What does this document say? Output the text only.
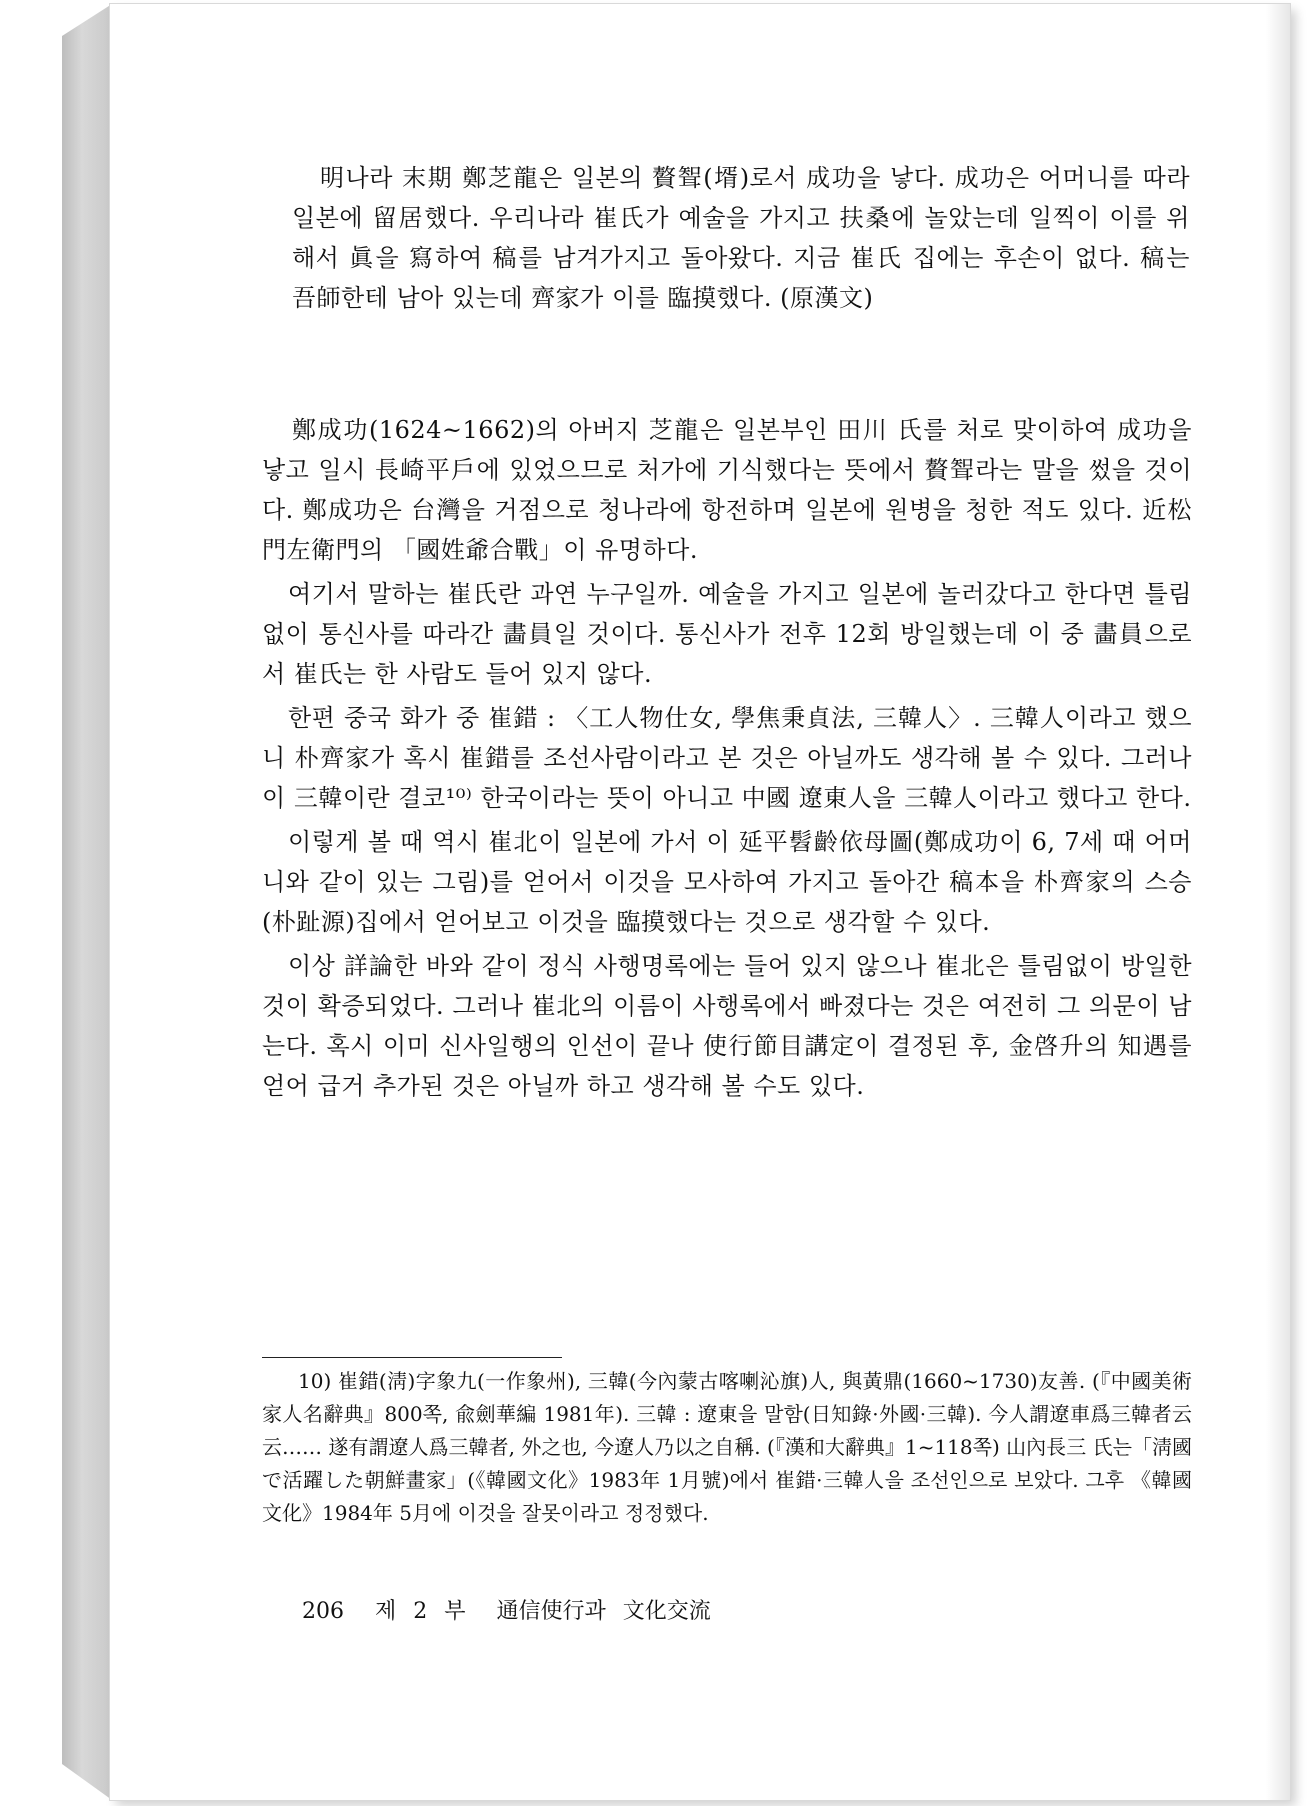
明나라 末期 鄭芝龍은 일본의 贅聟(壻)로서 成功을 낳다. 成功은 어머니를 따라 일본에 留居했다. 우리나라 崔氏가 예술을 가지고 扶桑에 놀았는데 일찍이 이를 위해서 眞을 寫하여 稿를 남겨가지고 돌아왔다. 지금 崔氏 집에는 후손이 없다. 稿는 吾師한테 남아 있는데 齊家가 이를 臨摸했다. (原漢文)

鄭成功(1624~1662)의 아버지 芝龍은 일본부인 田川 氏를 처로 맞이하여 成功을 낳고 일시 長崎平戶에 있었으므로 처가에 기식했다는 뜻에서 贅聟라는 말을 썼을 것이다. 鄭成功은 台灣을 거점으로 청나라에 항전하며 일본에 원병을 청한 적도 있다. 近松門左衛門의 「國姓爺合戰」이 유명하다.

여기서 말하는 崔氏란 과연 누구일까. 예술을 가지고 일본에 놀러갔다고 한다면 틀림없이 통신사를 따라간 畵員일 것이다. 통신사가 전후 12회 방일했는데 이 중 畵員으로서 崔氏는 한 사람도 들어 있지 않다.

한편 중국 화가 중 崔錯 : 〈工人物仕女, 學焦秉貞法, 三韓人〉. 三韓人이라고 했으니 朴齊家가 혹시 崔錯를 조선사람이라고 본 것은 아닐까도 생각해 볼 수 있다. 그러나 이 三韓이란 결코¹⁰⁾ 한국이라는 뜻이 아니고 中國 遼東人을 三韓人이라고 했다고 한다.

이렇게 볼 때 역시 崔北이 일본에 가서 이 延平髫齡依母圖(鄭成功이 6, 7세 때 어머니와 같이 있는 그림)를 얻어서 이것을 모사하여 가지고 돌아간 稿本을 朴齊家의 스승(朴趾源)집에서 얻어보고 이것을 臨摸했다는 것으로 생각할 수 있다.

이상 詳論한 바와 같이 정식 사행명록에는 들어 있지 않으나 崔北은 틀림없이 방일한 것이 확증되었다. 그러나 崔北의 이름이 사행록에서 빠졌다는 것은 여전히 그 의문이 남는다. 혹시 이미 신사일행의 인선이 끝나 使行節目講定이 결정된 후, 金啓升의 知遇를 얻어 급거 추가된 것은 아닐까 하고 생각해 볼 수도 있다.

10) 崔錯(淸)字象九(一作象州), 三韓(今內蒙古喀喇沁旗)人, 與黃鼎(1660~1730)友善. (『中國美術家人名辭典』800쪽, 兪劍華編 1981年). 三韓 : 遼東을 말함(日知錄·外國·三韓). 今人謂遼車爲三韓者云云…… 遂有謂遼人爲三韓者, 外之也, 今遼人乃以之自稱. (『漢和大辭典』1~118쪽) 山內長三 氏는「淸國で活躍した朝鮮畫家」(《韓國文化》1983年 1月號)에서 崔錯·三韓人을 조선인으로 보았다. 그후 《韓國文化》1984年 5月에 이것을 잘못이라고 정정했다.

206 제 2 부 通信使行과 文化交流
